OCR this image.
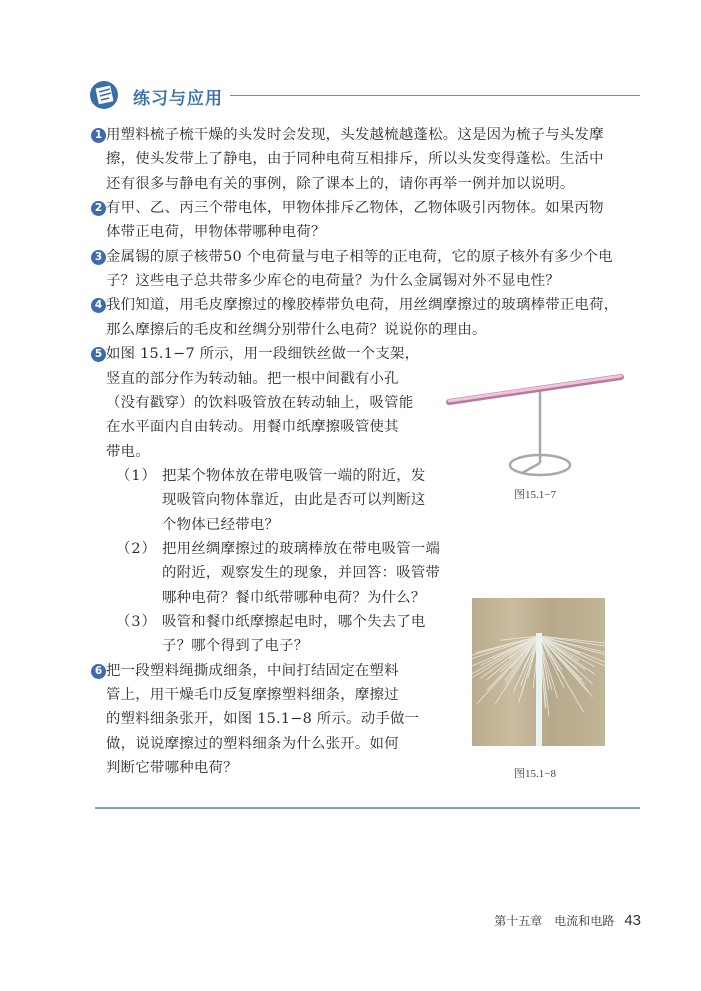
练习与应用
1 用塑料梳子梳干燥的头发时会发现，头发越梳越蓬松。这是因为梳子与头发摩
擦，使头发带上了静电，由于同种电荷互相排斥，所以头发变得蓬松。生活中
还有很多与静电有关的事例，除了课本上的，请你再举一例并加以说明。
2 有甲、乙、丙三个带电体，甲物体排斥乙物体，乙物体吸引丙物体。如果丙物
体带正电荷，甲物体带哪种电荷？
3 金属锡的原子核带50 个电荷量与电子相等的正电荷，它的原子核外有多少个电
子？这些电子总共带多少库仑的电荷量？为什么金属锡对外不显电性？
4 我们知道，用毛皮摩擦过的橡胶棒带负电荷，用丝绸摩擦过的玻璃棒带正电荷，
那么摩擦后的毛皮和丝绸分别带什么电荷？说说你的理由。
5 如图 15.1−7 所示，用一段细铁丝做一个支架，
竖直的部分作为转动轴。把一根中间戳有小孔
（没有戳穿）的饮料吸管放在转动轴上，吸管能
在水平面内自由转动。用餐巾纸摩擦吸管使其
带电。
（1） 把某个物体放在带电吸管一端的附近，发
现吸管向物体靠近，由此是否可以判断这
个物体已经带电？
（2） 把用丝绸摩擦过的玻璃棒放在带电吸管一端
的附近，观察发生的现象，并回答：吸管带
哪种电荷？餐巾纸带哪种电荷？为什么？
（3） 吸管和餐巾纸摩擦起电时，哪个失去了电
子？哪个得到了电子？
6 把一段塑料绳撕成细条，中间打结固定在塑料
管上，用干燥毛巾反复摩擦塑料细条，摩擦过
的塑料细条张开，如图 15.1−8 所示。动手做一
做，说说摩擦过的塑料细条为什么张开。如何
判断它带哪种电荷？
图15.1−7
图15.1−8
第十五章　电流和电路 43
